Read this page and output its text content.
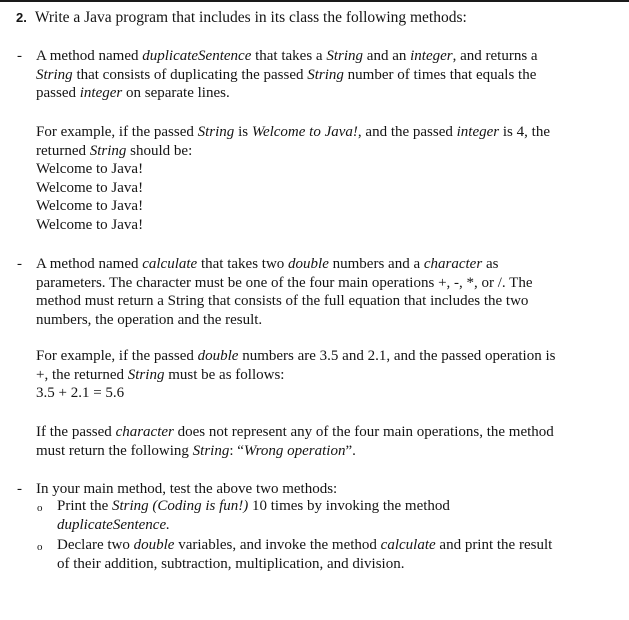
2. Write a Java program that includes in its class the following methods:
- A method named duplicateSentence that takes a String and an integer, and returns a
String that consists of duplicating the passed String number of times that equals the
passed integer on separate lines.
For example, if the passed String is Welcome to Java!, and the passed integer is 4, the
returned String should be:
Welcome to Java!
Welcome to Java!
Welcome to Java!
Welcome to Java!
- A method named calculate that takes two double numbers and a character as
parameters. The character must be one of the four main operations +, -, *, or /. The
method must return a String that consists of the full equation that includes the two
numbers, the operation and the result.
For example, if the passed double numbers are 3.5 and 2.1, and the passed operation is
+, the returned String must be as follows:
3.5 + 2.1 = 5.6
If the passed character does not represent any of the four main operations, the method
must return the following String: “Wrong operation”.
- In your main method, test the above two methods:
o Print the String (Coding is fun!) 10 times by invoking the method
duplicateSentence.
o Declare two double variables, and invoke the method calculate and print the result
of their addition, subtraction, multiplication, and division.
